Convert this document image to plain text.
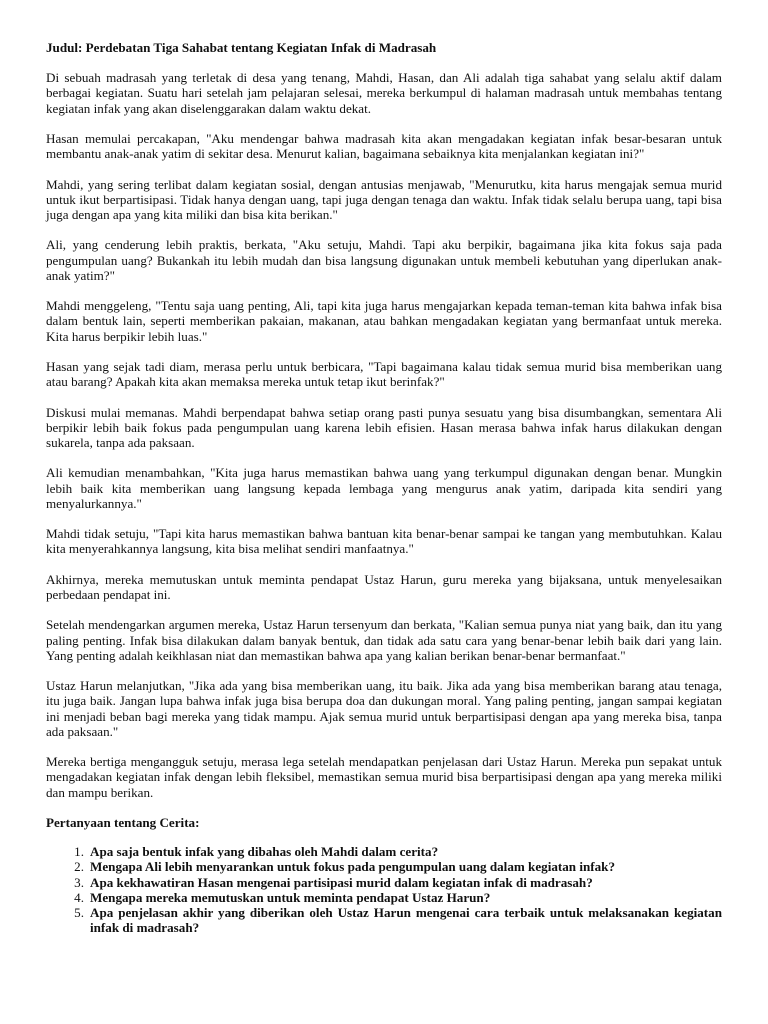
Judul: Perdebatan Tiga Sahabat tentang Kegiatan Infak di Madrasah

Di sebuah madrasah yang terletak di desa yang tenang, Mahdi, Hasan, dan Ali adalah tiga sahabat yang selalu aktif dalam berbagai kegiatan. Suatu hari setelah jam pelajaran selesai, mereka berkumpul di halaman madrasah untuk membahas tentang kegiatan infak yang akan diselenggarakan dalam waktu dekat.

Hasan memulai percakapan, "Aku mendengar bahwa madrasah kita akan mengadakan kegiatan infak besar-besaran untuk membantu anak-anak yatim di sekitar desa. Menurut kalian, bagaimana sebaiknya kita menjalankan kegiatan ini?"

Mahdi, yang sering terlibat dalam kegiatan sosial, dengan antusias menjawab, "Menurutku, kita harus mengajak semua murid untuk ikut berpartisipasi. Tidak hanya dengan uang, tapi juga dengan tenaga dan waktu. Infak tidak selalu berupa uang, tapi bisa juga dengan apa yang kita miliki dan bisa kita berikan."

Ali, yang cenderung lebih praktis, berkata, "Aku setuju, Mahdi. Tapi aku berpikir, bagaimana jika kita fokus saja pada pengumpulan uang? Bukankah itu lebih mudah dan bisa langsung digunakan untuk membeli kebutuhan yang diperlukan anak-anak yatim?"

Mahdi menggeleng, "Tentu saja uang penting, Ali, tapi kita juga harus mengajarkan kepada teman-teman kita bahwa infak bisa dalam bentuk lain, seperti memberikan pakaian, makanan, atau bahkan mengadakan kegiatan yang bermanfaat untuk mereka. Kita harus berpikir lebih luas."

Hasan yang sejak tadi diam, merasa perlu untuk berbicara, "Tapi bagaimana kalau tidak semua murid bisa memberikan uang atau barang? Apakah kita akan memaksa mereka untuk tetap ikut berinfak?"

Diskusi mulai memanas. Mahdi berpendapat bahwa setiap orang pasti punya sesuatu yang bisa disumbangkan, sementara Ali berpikir lebih baik fokus pada pengumpulan uang karena lebih efisien. Hasan merasa bahwa infak harus dilakukan dengan sukarela, tanpa ada paksaan.

Ali kemudian menambahkan, "Kita juga harus memastikan bahwa uang yang terkumpul digunakan dengan benar. Mungkin lebih baik kita memberikan uang langsung kepada lembaga yang mengurus anak yatim, daripada kita sendiri yang menyalurkannya."

Mahdi tidak setuju, "Tapi kita harus memastikan bahwa bantuan kita benar-benar sampai ke tangan yang membutuhkan. Kalau kita menyerahkannya langsung, kita bisa melihat sendiri manfaatnya."

Akhirnya, mereka memutuskan untuk meminta pendapat Ustaz Harun, guru mereka yang bijaksana, untuk menyelesaikan perbedaan pendapat ini.

Setelah mendengarkan argumen mereka, Ustaz Harun tersenyum dan berkata, "Kalian semua punya niat yang baik, dan itu yang paling penting. Infak bisa dilakukan dalam banyak bentuk, dan tidak ada satu cara yang benar-benar lebih baik dari yang lain. Yang penting adalah keikhlasan niat dan memastikan bahwa apa yang kalian berikan benar-benar bermanfaat."

Ustaz Harun melanjutkan, "Jika ada yang bisa memberikan uang, itu baik. Jika ada yang bisa memberikan barang atau tenaga, itu juga baik. Jangan lupa bahwa infak juga bisa berupa doa dan dukungan moral. Yang paling penting, jangan sampai kegiatan ini menjadi beban bagi mereka yang tidak mampu. Ajak semua murid untuk berpartisipasi dengan apa yang mereka bisa, tanpa ada paksaan."

Mereka bertiga mengangguk setuju, merasa lega setelah mendapatkan penjelasan dari Ustaz Harun. Mereka pun sepakat untuk mengadakan kegiatan infak dengan lebih fleksibel, memastikan semua murid bisa berpartisipasi dengan apa yang mereka miliki dan mampu berikan.

Pertanyaan tentang Cerita:

1. Apa saja bentuk infak yang dibahas oleh Mahdi dalam cerita?
2. Mengapa Ali lebih menyarankan untuk fokus pada pengumpulan uang dalam kegiatan infak?
3. Apa kekhawatiran Hasan mengenai partisipasi murid dalam kegiatan infak di madrasah?
4. Mengapa mereka memutuskan untuk meminta pendapat Ustaz Harun?
5. Apa penjelasan akhir yang diberikan oleh Ustaz Harun mengenai cara terbaik untuk melaksanakan kegiatan infak di madrasah?
